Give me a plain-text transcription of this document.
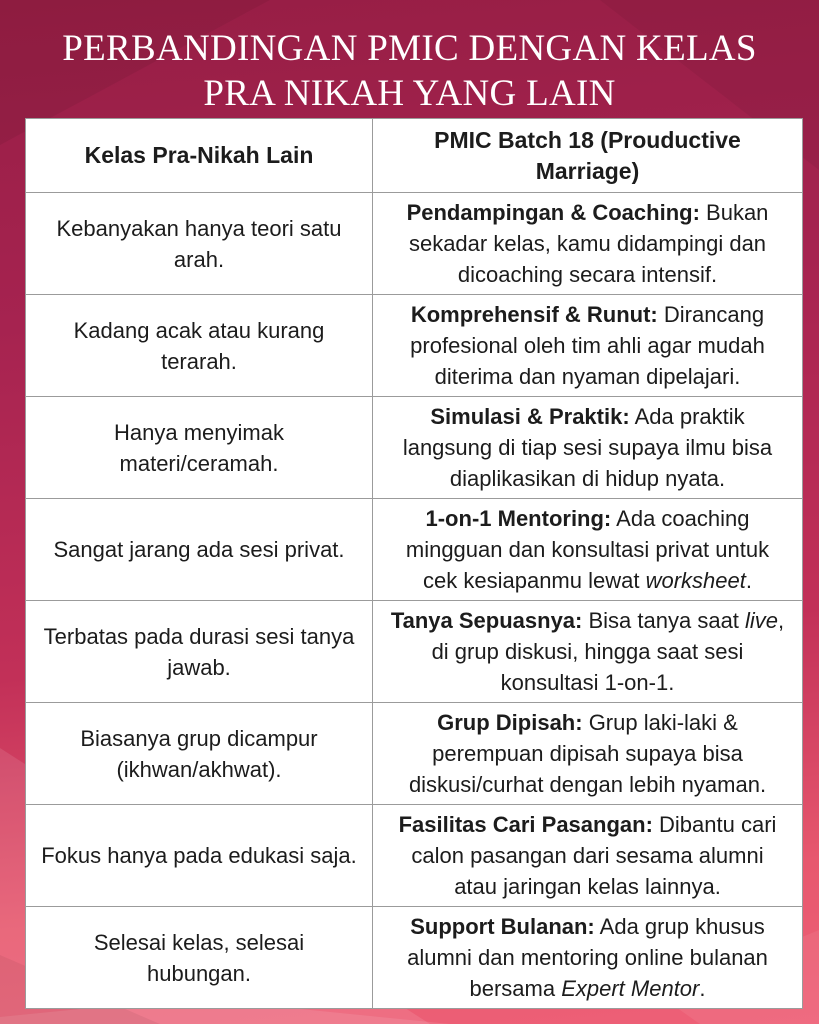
PERBANDINGAN PMIC DENGAN KELAS
PRA NIKAH YANG LAIN
Kelas Pra-Nikah Lain	PMIC Batch 18 (Prouductive Marriage)
Kebanyakan hanya teori satu arah.	Pendampingan & Coaching: Bukan sekadar kelas, kamu didampingi dan dicoaching secara intensif.
Kadang acak atau kurang terarah.	Komprehensif & Runut: Dirancang profesional oleh tim ahli agar mudah diterima dan nyaman dipelajari.
Hanya menyimak materi/ceramah.	Simulasi & Praktik: Ada praktik langsung di tiap sesi supaya ilmu bisa diaplikasikan di hidup nyata.
Sangat jarang ada sesi privat.	1-on-1 Mentoring: Ada coaching mingguan dan konsultasi privat untuk cek kesiapanmu lewat worksheet.
Terbatas pada durasi sesi tanya jawab.	Tanya Sepuasnya: Bisa tanya saat live, di grup diskusi, hingga saat sesi konsultasi 1-on-1.
Biasanya grup dicampur (ikhwan/akhwat).	Grup Dipisah: Grup laki-laki & perempuan dipisah supaya bisa diskusi/curhat dengan lebih nyaman.
Fokus hanya pada edukasi saja.	Fasilitas Cari Pasangan: Dibantu cari calon pasangan dari sesama alumni atau jaringan kelas lainnya.
Selesai kelas, selesai hubungan.	Support Bulanan: Ada grup khusus alumni dan mentoring online bulanan bersama Expert Mentor.
